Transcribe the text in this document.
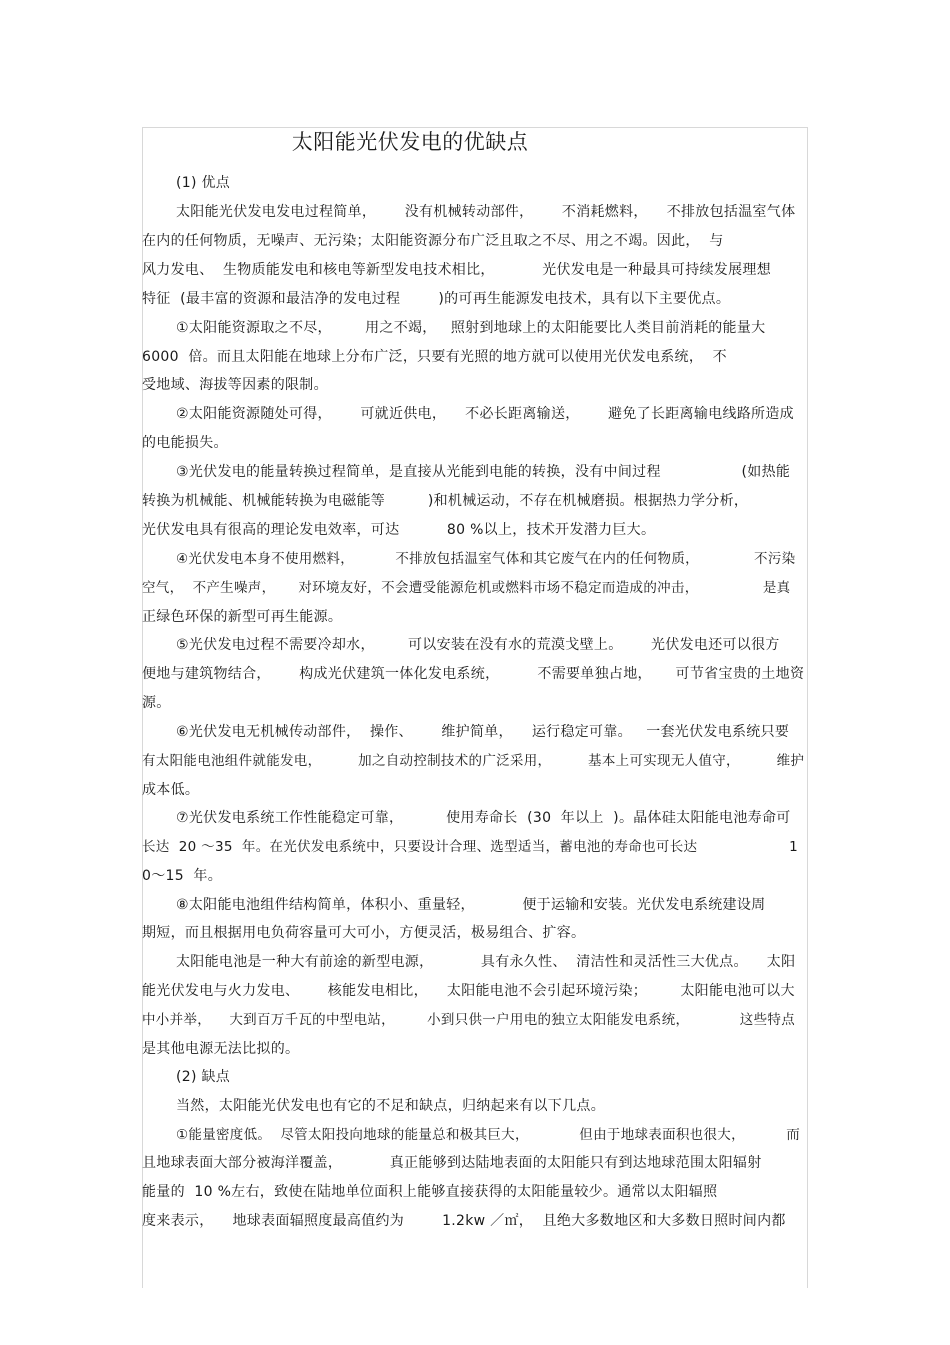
太阳能光伏发电的优缺点
(1) 优点
太阳能光伏发电发电过程简单，      没有机械转动部件，      不消耗燃料，    不排放包括温室气体
在内的任何物质，无噪声、无污染；太阳能资源分布广泛且取之不尽、用之不竭。因此，  与
风力发电、  生物质能发电和核电等新型发电技术相比，          光伏发电是一种最具可持续发展理想
特征  (最丰富的资源和最洁净的发电过程        )的可再生能源发电技术，具有以下主要优点。
①太阳能资源取之不尽，       用之不竭，   照射到地球上的太阳能要比人类目前消耗的能量大
6000  倍。而且太阳能在地球上分布广泛，只要有光照的地方就可以使用光伏发电系统，  不
受地域、海拔等因素的限制。
②太阳能资源随处可得，      可就近供电，    不必长距离输送，      避免了长距离输电线路所造成
的电能损失。
③光伏发电的能量转换过程简单，是直接从光能到电能的转换，没有中间过程                 (如热能
转换为机械能、机械能转换为电磁能等         )和机械运动，不存在机械磨损。根据热力学分析，
光伏发电具有很高的理论发电效率，可达          80 %以上，技术开发潜力巨大。
④光伏发电本身不使用燃料，         不排放包括温室气体和其它废气在内的任何物质，            不污染
空气，  不产生噪声，     对环境友好，不会遭受能源危机或燃料市场不稳定而造成的冲击，              是真
正绿色环保的新型可再生能源。
⑤光伏发电过程不需要冷却水，       可以安装在没有水的荒漠戈壁上。      光伏发电还可以很方
便地与建筑物结合，      构成光伏建筑一体化发电系统，        不需要单独占地，     可节省宝贵的土地资
源。
⑥光伏发电无机械传动部件，  操作、      维护简单，    运行稳定可靠。   一套光伏发电系统只要
有太阳能电池组件就能发电，        加之自动控制技术的广泛采用，        基本上可实现无人值守，        维护
成本低。
⑦光伏发电系统工作性能稳定可靠，         使用寿命长  (30  年以上  )。晶体硅太阳能电池寿命可
长达  20 ～35  年。在光伏发电系统中，只要设计合理、选型适当，蓄电池的寿命也可长达                    1
0～15  年。
⑧太阳能电池组件结构简单，体积小、重量轻，          便于运输和安装。光伏发电系统建设周
期短，而且根据用电负荷容量可大可小，方便灵活，极易组合、扩容。
太阳能电池是一种大有前途的新型电源，          具有永久性、  清洁性和灵活性三大优点。    太阳
能光伏发电与火力发电、      核能发电相比，    太阳能电池不会引起环境污染；       太阳能电池可以大
中小并举，    大到百万千瓦的中型电站，       小到只供一户用电的独立太阳能发电系统，           这些特点
是其他电源无法比拟的。
(2) 缺点
当然，太阳能光伏发电也有它的不足和缺点，归纳起来有以下几点。
①能量密度低。  尽管太阳投向地球的能量总和极其巨大，           但由于地球表面积也很大，         而
且地球表面大部分被海洋覆盖，          真正能够到达陆地表面的太阳能只有到达地球范围太阳辐射
能量的  10 %左右，致使在陆地单位面积上能够直接获得的太阳能量较少。通常以太阳辐照
度来表示，    地球表面辐照度最高值约为        1.2kw ／㎡，  且绝大多数地区和大多数日照时间内都
